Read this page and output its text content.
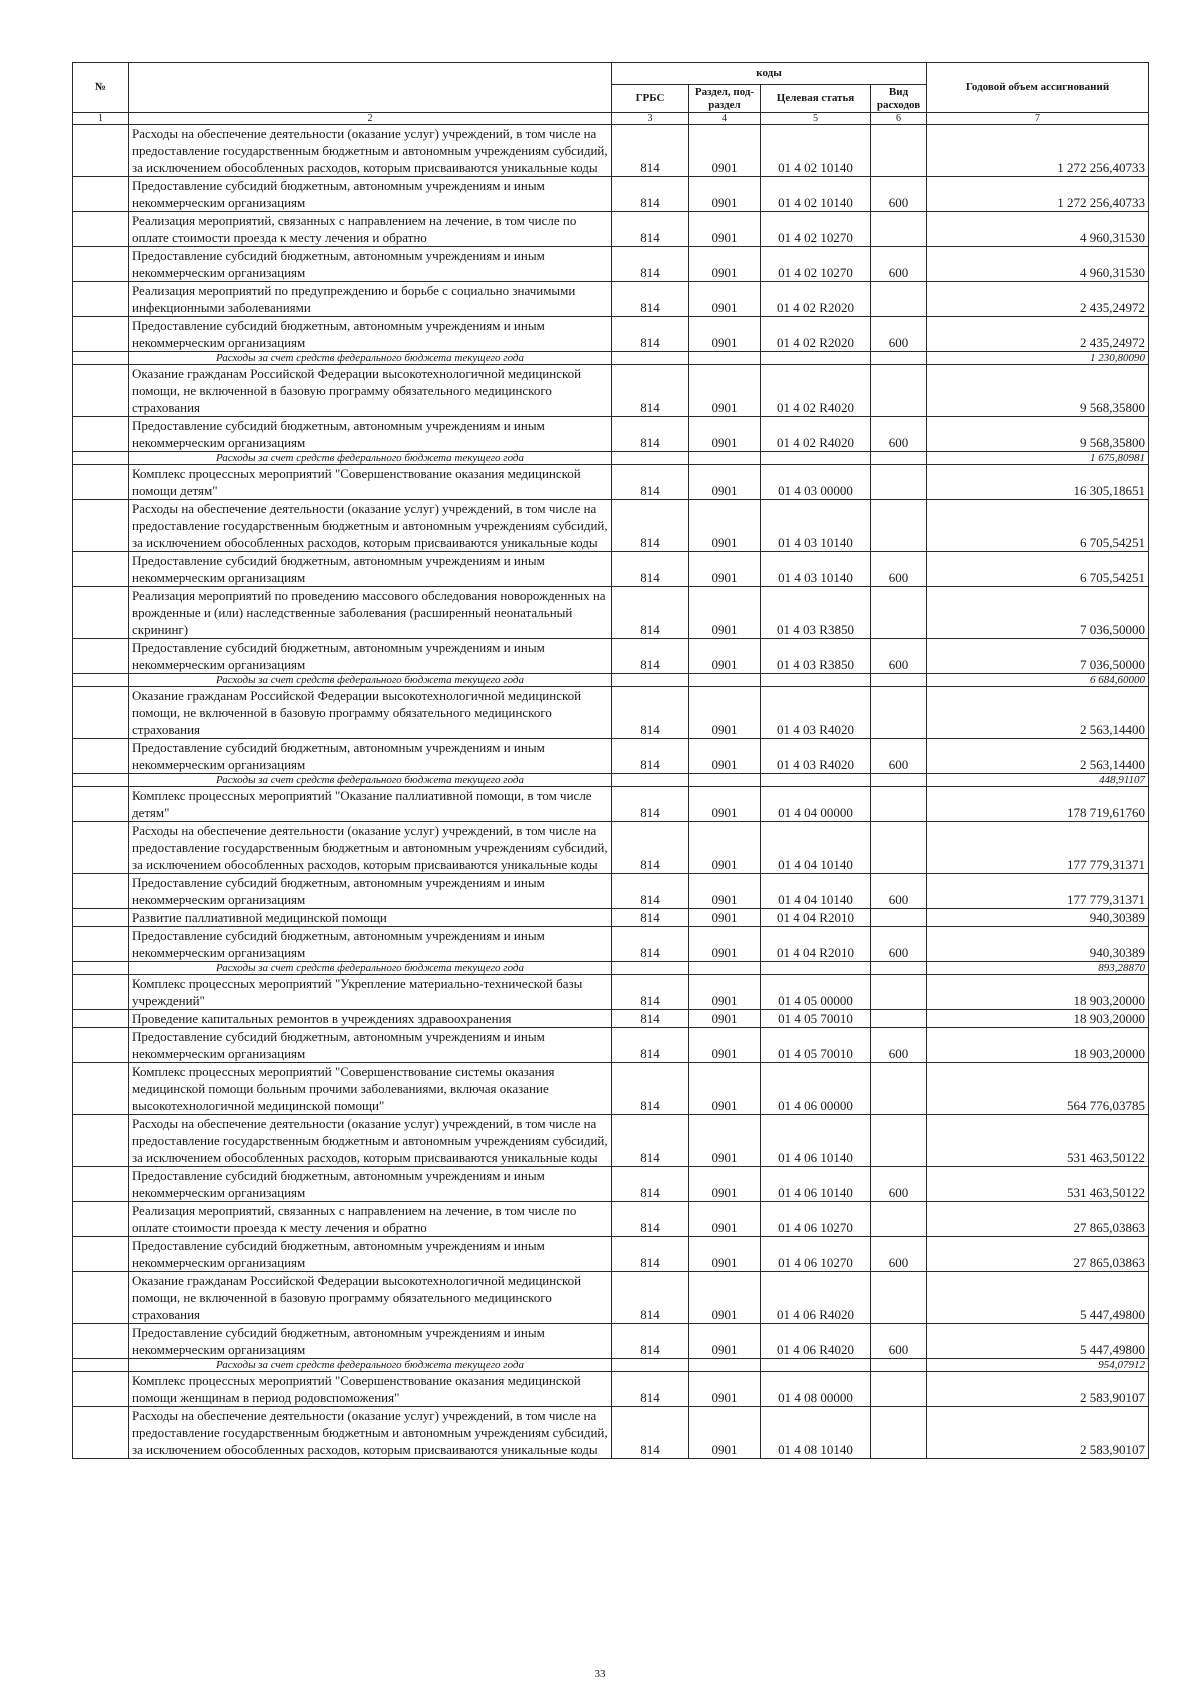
№		коды				Годовой объем ассигнований
		ГРБС	Раздел, под- раздел	Целевая статья	Вид расходов	
1	2	3	4	5	6	7
	Расходы на обеспечение деятельности (оказание услуг) учреждений, в том числе на предоставление государственным бюджетным и автономным учреждениям субсидий, за исключением обособленных расходов, которым присваиваются уникальные коды	814	0901	01 4 02 10140		1 272 256,40733
	Предоставление субсидий бюджетным, автономным учреждениям и иным некоммерческим организациям	814	0901	01 4 02 10140	600	1 272 256,40733
	Реализация мероприятий, связанных с направлением на лечение, в том числе по оплате стоимости проезда к месту лечения и обратно	814	0901	01 4 02 10270		4 960,31530
	Предоставление субсидий бюджетным, автономным учреждениям и иным некоммерческим организациям	814	0901	01 4 02 10270	600	4 960,31530
	Реализация мероприятий по предупреждению и борьбе с социально значимыми инфекционными заболеваниями	814	0901	01 4 02 R2020		2 435,24972
	Предоставление субсидий бюджетным, автономным учреждениям и иным некоммерческим организациям	814	0901	01 4 02 R2020	600	2 435,24972
	Расходы за счет средств федерального бюджета текущего года					1 230,80090
	Оказание гражданам Российской Федерации высокотехнологичной медицинской помощи, не включенной в базовую программу обязательного медицинского страхования	814	0901	01 4 02 R4020		9 568,35800
	Предоставление субсидий бюджетным, автономным учреждениям и иным некоммерческим организациям	814	0901	01 4 02 R4020	600	9 568,35800
	Расходы за счет средств федерального бюджета текущего года					1 675,80981
	Комплекс процессных мероприятий "Совершенствование оказания медицинской помощи детям"	814	0901	01 4 03 00000		16 305,18651
	Расходы на обеспечение деятельности (оказание услуг) учреждений, в том числе на предоставление государственным бюджетным и автономным учреждениям субсидий, за исключением обособленных расходов, которым присваиваются уникальные коды	814	0901	01 4 03 10140		6 705,54251
	Предоставление субсидий бюджетным, автономным учреждениям и иным некоммерческим организациям	814	0901	01 4 03 10140	600	6 705,54251
	Реализация мероприятий по проведению массового обследования новорожденных на врожденные и (или) наследственные заболевания (расширенный неонатальный скрининг)	814	0901	01 4 03 R3850		7 036,50000
	Предоставление субсидий бюджетным, автономным учреждениям и иным некоммерческим организациям	814	0901	01 4 03 R3850	600	7 036,50000
	Расходы за счет средств федерального бюджета текущего года					6 684,60000
	Оказание гражданам Российской Федерации высокотехнологичной медицинской помощи, не включенной в базовую программу обязательного медицинского страхования	814	0901	01 4 03 R4020		2 563,14400
	Предоставление субсидий бюджетным, автономным учреждениям и иным некоммерческим организациям	814	0901	01 4 03 R4020	600	2 563,14400
	Расходы за счет средств федерального бюджета текущего года					448,91107
	Комплекс процессных мероприятий "Оказание паллиативной помощи, в том числе детям"	814	0901	01 4 04 00000		178 719,61760
	Расходы на обеспечение деятельности (оказание услуг) учреждений, в том числе на предоставление государственным бюджетным и автономным учреждениям субсидий, за исключением обособленных расходов, которым присваиваются уникальные коды	814	0901	01 4 04 10140		177 779,31371
	Предоставление субсидий бюджетным, автономным учреждениям и иным некоммерческим организациям	814	0901	01 4 04 10140	600	177 779,31371
	Развитие паллиативной медицинской помощи	814	0901	01 4 04 R2010		940,30389
	Предоставление субсидий бюджетным, автономным учреждениям и иным некоммерческим организациям	814	0901	01 4 04 R2010	600	940,30389
	Расходы за счет средств федерального бюджета текущего года					893,28870
	Комплекс процессных мероприятий "Укрепление материально-технической базы учреждений"	814	0901	01 4 05 00000		18 903,20000
	Проведение капитальных ремонтов в учреждениях здравоохранения	814	0901	01 4 05 70010		18 903,20000
	Предоставление субсидий бюджетным, автономным учреждениям и иным некоммерческим организациям	814	0901	01 4 05 70010	600	18 903,20000
	Комплекс процессных мероприятий "Совершенствование системы оказания медицинской помощи больным прочими заболеваниями, включая оказание высокотехнологичной медицинской помощи"	814	0901	01 4 06 00000		564 776,03785
	Расходы на обеспечение деятельности (оказание услуг) учреждений, в том числе на предоставление государственным бюджетным и автономным учреждениям субсидий, за исключением обособленных расходов, которым присваиваются уникальные коды	814	0901	01 4 06 10140		531 463,50122
	Предоставление субсидий бюджетным, автономным учреждениям и иным некоммерческим организациям	814	0901	01 4 06 10140	600	531 463,50122
	Реализация мероприятий, связанных с направлением на лечение, в том числе по оплате стоимости проезда к месту лечения и обратно	814	0901	01 4 06 10270		27 865,03863
	Предоставление субсидий бюджетным, автономным учреждениям и иным некоммерческим организациям	814	0901	01 4 06 10270	600	27 865,03863
	Оказание гражданам Российской Федерации высокотехнологичной медицинской помощи, не включенной в базовую программу обязательного медицинского страхования	814	0901	01 4 06 R4020		5 447,49800
	Предоставление субсидий бюджетным, автономным учреждениям и иным некоммерческим организациям	814	0901	01 4 06 R4020	600	5 447,49800
	Расходы за счет средств федерального бюджета текущего года					954,07912
	Комплекс процессных мероприятий "Совершенствование оказания медицинской помощи женщинам в период родовспоможения"	814	0901	01 4 08 00000		2 583,90107
	Расходы на обеспечение деятельности (оказание услуг) учреждений, в том числе на предоставление государственным бюджетным и автономным учреждениям субсидий, за исключением обособленных расходов, которым присваиваются уникальные коды	814	0901	01 4 08 10140		2 583,90107
33
